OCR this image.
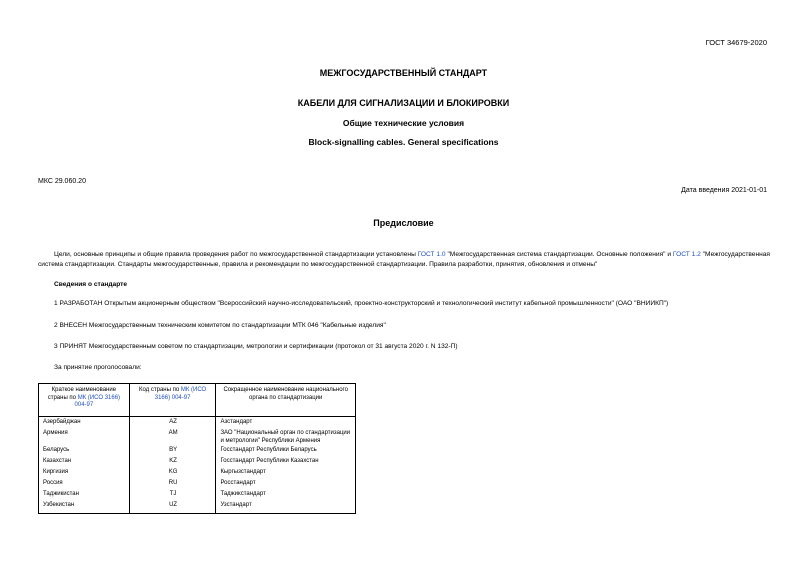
ГОСТ 34679-2020
МЕЖГОСУДАРСТВЕННЫЙ СТАНДАРТ
КАБЕЛИ ДЛЯ СИГНАЛИЗАЦИИ И БЛОКИРОВКИ
Общие технические условия
Block-signalling cables. General specifications
МКС 29.060.20
Дата введения 2021-01-01
Предисловие
Цели, основные принципы и общие правила проведения работ по межгосударственной стандартизации установлены ГОСТ 1.0 "Межгосударственная система стандартизации. Основные положения" и ГОСТ 1.2 "Межгосударственная система стандартизации. Стандарты межгосударственные, правила и рекомендации по межгосударственной стандартизации. Правила разработки, принятия, обновления и отмены"
Сведения о стандарте
1 РАЗРАБОТАН Открытым акционерным обществом "Всероссийский научно-исследовательский, проектно-конструкторский и технологический институт кабельной промышленности" (ОАО "ВНИИКП")
2 ВНЕСЕН Межгосударственным техническим комитетом по стандартизации МТК 046 "Кабельные изделия"
3 ПРИНЯТ Межгосударственным советом по стандартизации, метрологии и сертификации (протокол от 31 августа 2020 г. N 132-П)
За принятие проголосовали:
Краткое наименование страны по МК (ИСО 3166) 004-97	Код страны по МК (ИСО 3166) 004-97	Сокращенное наименование национального органа по стандартизации
Азербайджан	AZ	Азстандарт
Армения	AM	ЗАО "Национальный орган по стандартизации и метрологии" Республики Армения
Беларусь	BY	Госстандарт Республики Беларусь
Казахстан	KZ	Госстандарт Республики Казахстан
Киргизия	KG	Кыргызстандарт
Россия	RU	Росстандарт
Таджикистан	TJ	Таджикстандарт
Узбекистан	UZ	Узстандарт
